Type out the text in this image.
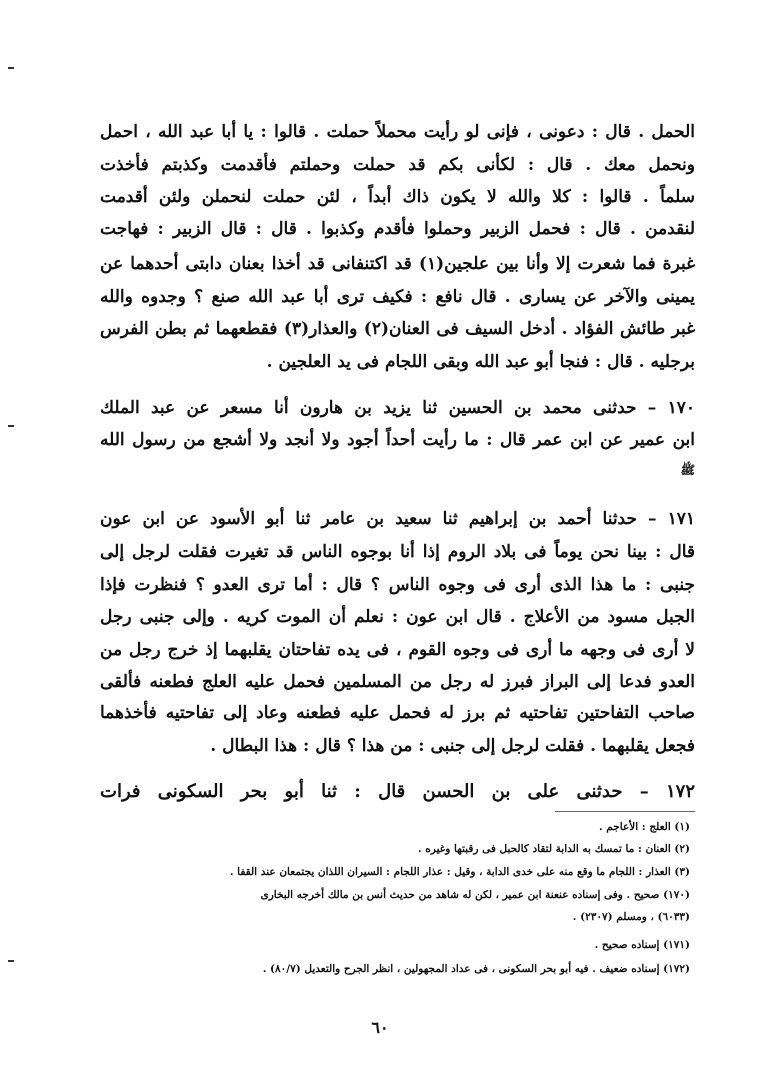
الحمل . قال : دعونى ، فإنى لو رأيت محملاً حملت . قالوا : يا أبا عبد الله ، احمل
ونحمل معك . قال : لكأنى بكم قد حملت وحملتم فأقدمت وكذبتم فأخذت
سلماً . قالوا : كلا والله لا يكون ذاك أبداً ، لئن حملت لنحملن ولئن أقدمت
لنقدمن . قال : فحمل الزبير وحملوا فأقدم وكذبوا . قال : قال الزبير : فهاجت
غبرة فما شعرت إلا وأنا بين علجين(١) قد اكتنفانى قد أخذا بعنان دابتى أحدهما عن
يمينى والآخر عن يسارى . قال نافع : فكيف ترى أبا عبد الله صنع ؟ وجدوه والله
غبر طائش الفؤاد . أدخل السيف فى العنان(٢) والعذار(٣) فقطعهما ثم بطن الفرس
برجليه . قال : فنجا أبو عبد الله وبقى اللجام فى يد العلجين .
١٧٠ – حدثنى محمد بن الحسين ثنا يزيد بن هارون أنا مسعر عن عبد الملك
ابن عمير عن ابن عمر قال : ما رأيت أحداً أجود ولا أنجد ولا أشجع من رسول الله
ﷺ
١٧١ – حدثنا أحمد بن إبراهيم ثنا سعيد بن عامر ثنا أبو الأسود عن ابن عون
قال : بينا نحن يوماً فى بلاد الروم إذا أنا بوجوه الناس قد تغيرت فقلت لرجل إلى
جنبى : ما هذا الذى أرى فى وجوه الناس ؟ قال : أما ترى العدو ؟ فنظرت فإذا
الجبل مسود من الأعلاج . قال ابن عون : نعلم أن الموت كريه . وإلى جنبى رجل
لا أرى فى وجهه ما أرى فى وجوه القوم ، فى يده تفاحتان يقلبهما إذ خرج رجل من
العدو فدعا إلى البراز فبرز له رجل من المسلمين فحمل عليه العلج فطعنه فألقى
صاحب التفاحتين تفاحتيه ثم برز له فحمل عليه فطعنه وعاد إلى تفاحتيه فأخذهما
فجعل يقلبهما . فقلت لرجل إلى جنبى : من هذا ؟ قال : هذا البطال .
١٧٢ – حدثنى على بن الحسن قال : ثنا أبو بحر السكونى فرات
(١) العلج : الأعاجم .
(٢) العنان : ما تمسك به الدابة لتقاد كالحبل فى رقبتها وغيره .
(٣) العذار : اللجام ما وقع منه على خدى الدابة ، وقيل : عذار اللجام : السيران اللذان يجتمعان عند القفا .
(١٧٠) صحيح . وفى إسناده عنعنة ابن عمير ، لكن له شاهد من حديث أنس بن مالك أخرجه البخارى
(٦٠٣٣) ، ومسلم (٢٣٠٧) .
(١٧١) إسناده صحيح .
(١٧٢) إسناده ضعيف . فيه أبو بحر السكونى ، فى عداد المجهولين ، انظر الجرح والتعديل (٨٠/٧) .
٦٠
